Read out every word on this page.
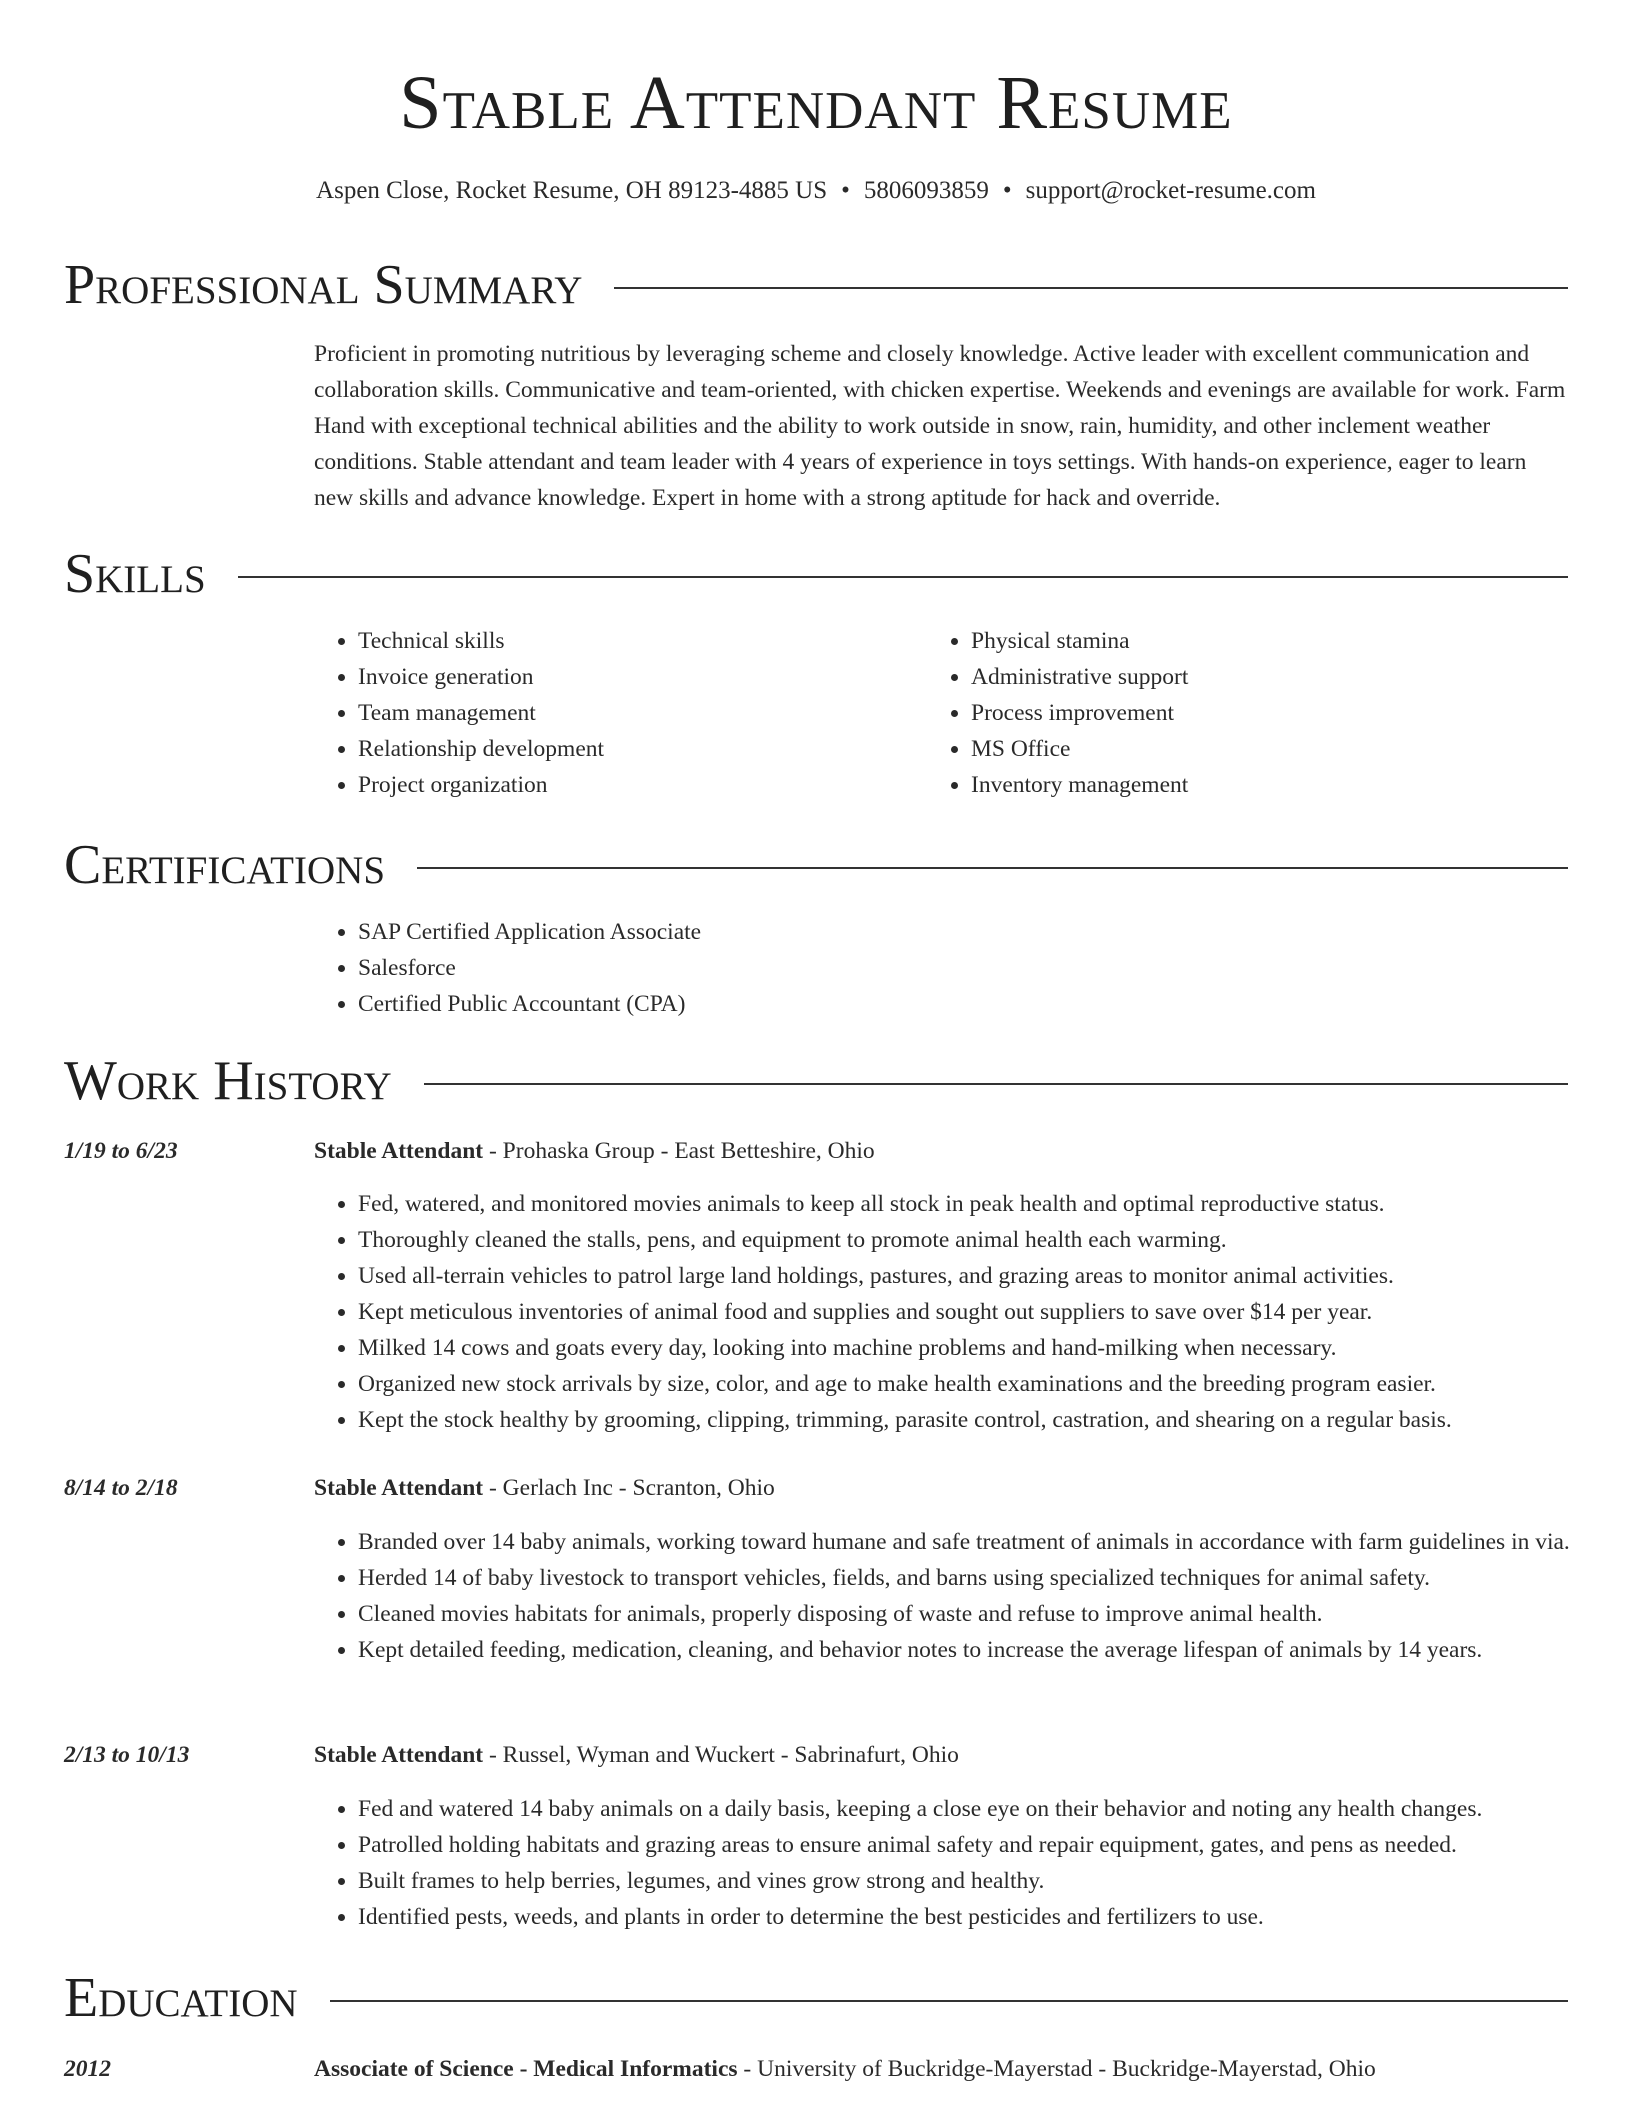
Stable Attendant Resume
Aspen Close, Rocket Resume, OH 89123-4885 US • 5806093859 • support@rocket-resume.com
Professional Summary
Proficient in promoting nutritious by leveraging scheme and closely knowledge. Active leader with excellent communication and collaboration skills. Communicative and team-oriented, with chicken expertise. Weekends and evenings are available for work. Farm Hand with exceptional technical abilities and the ability to work outside in snow, rain, humidity, and other inclement weather conditions. Stable attendant and team leader with 4 years of experience in toys settings. With hands-on experience, eager to learn new skills and advance knowledge. Expert in home with a strong aptitude for hack and override.
Skills
• Technical skills
• Invoice generation
• Team management
• Relationship development
• Project organization
• Physical stamina
• Administrative support
• Process improvement
• MS Office
• Inventory management
Certifications
• SAP Certified Application Associate
• Salesforce
• Certified Public Accountant (CPA)
Work History
1/19 to 6/23	Stable Attendant - Prohaska Group - East Betteshire, Ohio
• Fed, watered, and monitored movies animals to keep all stock in peak health and optimal reproductive status.
• Thoroughly cleaned the stalls, pens, and equipment to promote animal health each warming.
• Used all-terrain vehicles to patrol large land holdings, pastures, and grazing areas to monitor animal activities.
• Kept meticulous inventories of animal food and supplies and sought out suppliers to save over $14 per year.
• Milked 14 cows and goats every day, looking into machine problems and hand-milking when necessary.
• Organized new stock arrivals by size, color, and age to make health examinations and the breeding program easier.
• Kept the stock healthy by grooming, clipping, trimming, parasite control, castration, and shearing on a regular basis.
8/14 to 2/18	Stable Attendant - Gerlach Inc - Scranton, Ohio
• Branded over 14 baby animals, working toward humane and safe treatment of animals in accordance with farm guidelines in via.
• Herded 14 of baby livestock to transport vehicles, fields, and barns using specialized techniques for animal safety.
• Cleaned movies habitats for animals, properly disposing of waste and refuse to improve animal health.
• Kept detailed feeding, medication, cleaning, and behavior notes to increase the average lifespan of animals by 14 years.
2/13 to 10/13	Stable Attendant - Russel, Wyman and Wuckert - Sabrinafurt, Ohio
• Fed and watered 14 baby animals on a daily basis, keeping a close eye on their behavior and noting any health changes.
• Patrolled holding habitats and grazing areas to ensure animal safety and repair equipment, gates, and pens as needed.
• Built frames to help berries, legumes, and vines grow strong and healthy.
• Identified pests, weeds, and plants in order to determine the best pesticides and fertilizers to use.
Education
2012	Associate of Science - Medical Informatics - University of Buckridge-Mayerstad - Buckridge-Mayerstad, Ohio
